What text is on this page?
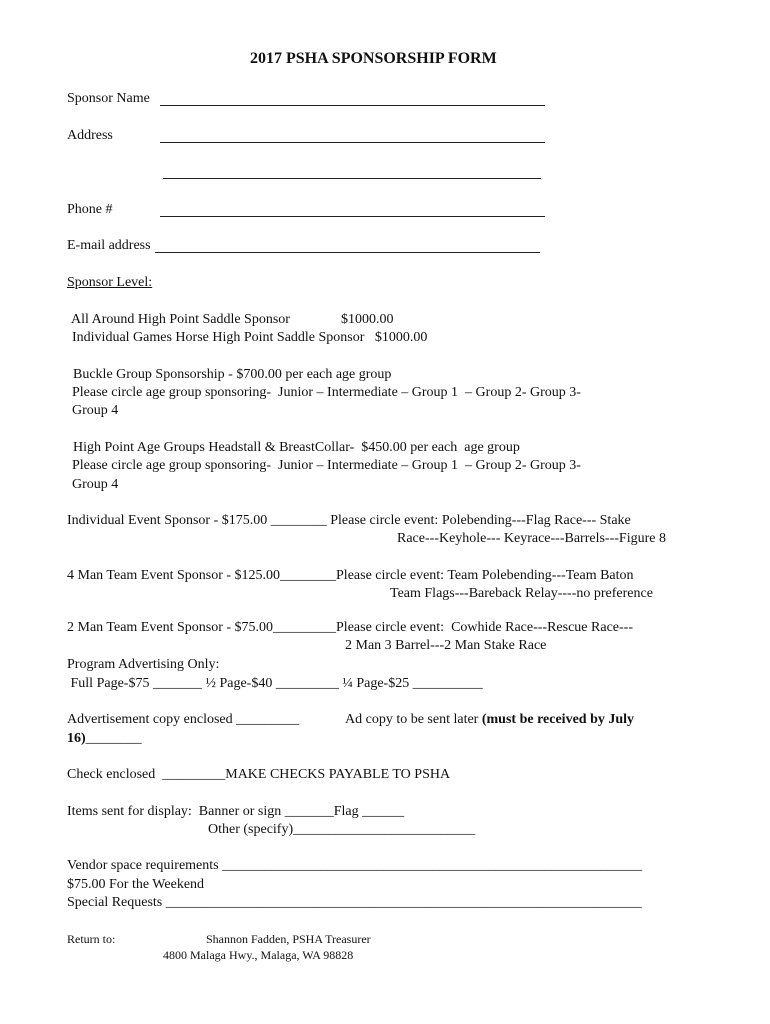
2017 PSHA SPONSORSHIP FORM
Sponsor Name
Address
Phone #
E-mail address
Sponsor Level:
All Around High Point Saddle Sponsor	$1000.00
Individual Games Horse High Point Saddle Sponsor   $1000.00
Buckle Group Sponsorship - $700.00 per each age group
Please circle age group sponsoring-  Junior – Intermediate – Group 1  – Group 2- Group 3-
Group 4
High Point Age Groups Headstall & BreastCollar-  $450.00 per each  age group
Please circle age group sponsoring-  Junior – Intermediate – Group 1  – Group 2- Group 3-
Group 4
Individual Event Sponsor - $175.00 ________ Please circle event: Polebending---Flag Race--- Stake
Race---Keyhole--- Keyrace---Barrels---Figure 8
4 Man Team Event Sponsor - $125.00________Please circle event: Team Polebending---Team Baton
Team Flags---Bareback Relay----no preference
2 Man Team Event Sponsor - $75.00_________Please circle event:  Cowhide Race---Rescue Race---
2 Man 3 Barrel---2 Man Stake Race
Program Advertising Only:
Full Page-$75 _______ ½ Page-$40 _________ ¼ Page-$25 __________
Advertisement copy enclosed _________	Ad copy to be sent later (must be received by July
16)________
Check enclosed  _________MAKE CHECKS PAYABLE TO PSHA
Items sent for display:  Banner or sign _______Flag ______
Other (specify)__________________________
Vendor space requirements ____________________________________________________________
$75.00 For the Weekend
Special Requests ____________________________________________________________________
Return to:	Shannon Fadden, PSHA Treasurer
4800 Malaga Hwy., Malaga, WA 98828
